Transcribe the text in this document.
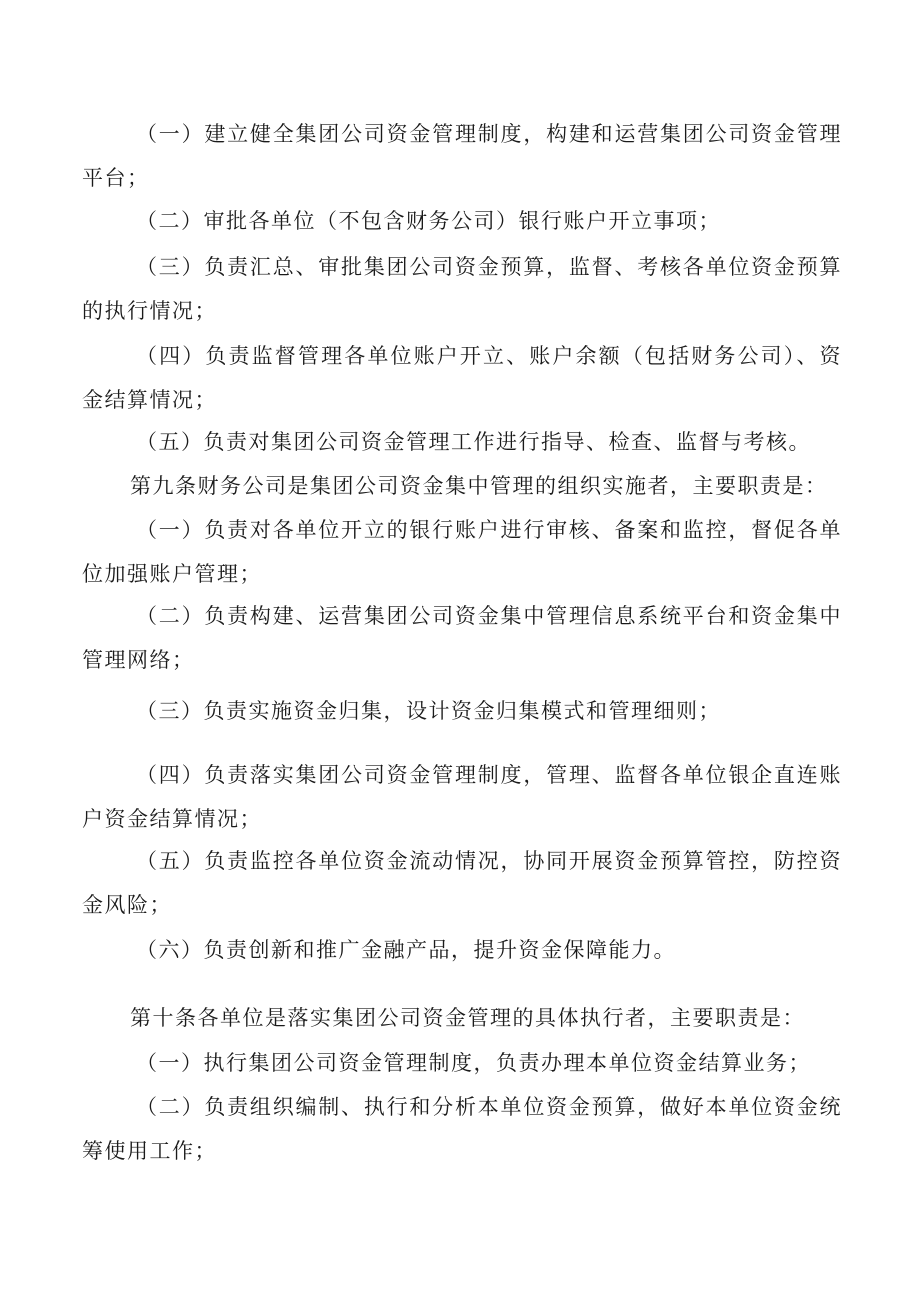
（一）建立健全集团公司资金管理制度，构建和运营集团公司资金管理平台；

（二）审批各单位（不包含财务公司）银行账户开立事项；

（三）负责汇总、审批集团公司资金预算，监督、考核各单位资金预算的执行情况；

（四）负责监督管理各单位账户开立、账户余额（包括财务公司）、资金结算情况；

（五）负责对集团公司资金管理工作进行指导、检查、监督与考核。

第九条财务公司是集团公司资金集中管理的组织实施者，主要职责是：

（一）负责对各单位开立的银行账户进行审核、备案和监控，督促各单位加强账户管理；

（二）负责构建、运营集团公司资金集中管理信息系统平台和资金集中管理网络；

（三）负责实施资金归集，设计资金归集模式和管理细则；

（四）负责落实集团公司资金管理制度，管理、监督各单位银企直连账户资金结算情况；

（五）负责监控各单位资金流动情况，协同开展资金预算管控，防控资金风险；

（六）负责创新和推广金融产品，提升资金保障能力。

第十条各单位是落实集团公司资金管理的具体执行者，主要职责是：

（一）执行集团公司资金管理制度，负责办理本单位资金结算业务；

（二）负责组织编制、执行和分析本单位资金预算，做好本单位资金统筹使用工作；
